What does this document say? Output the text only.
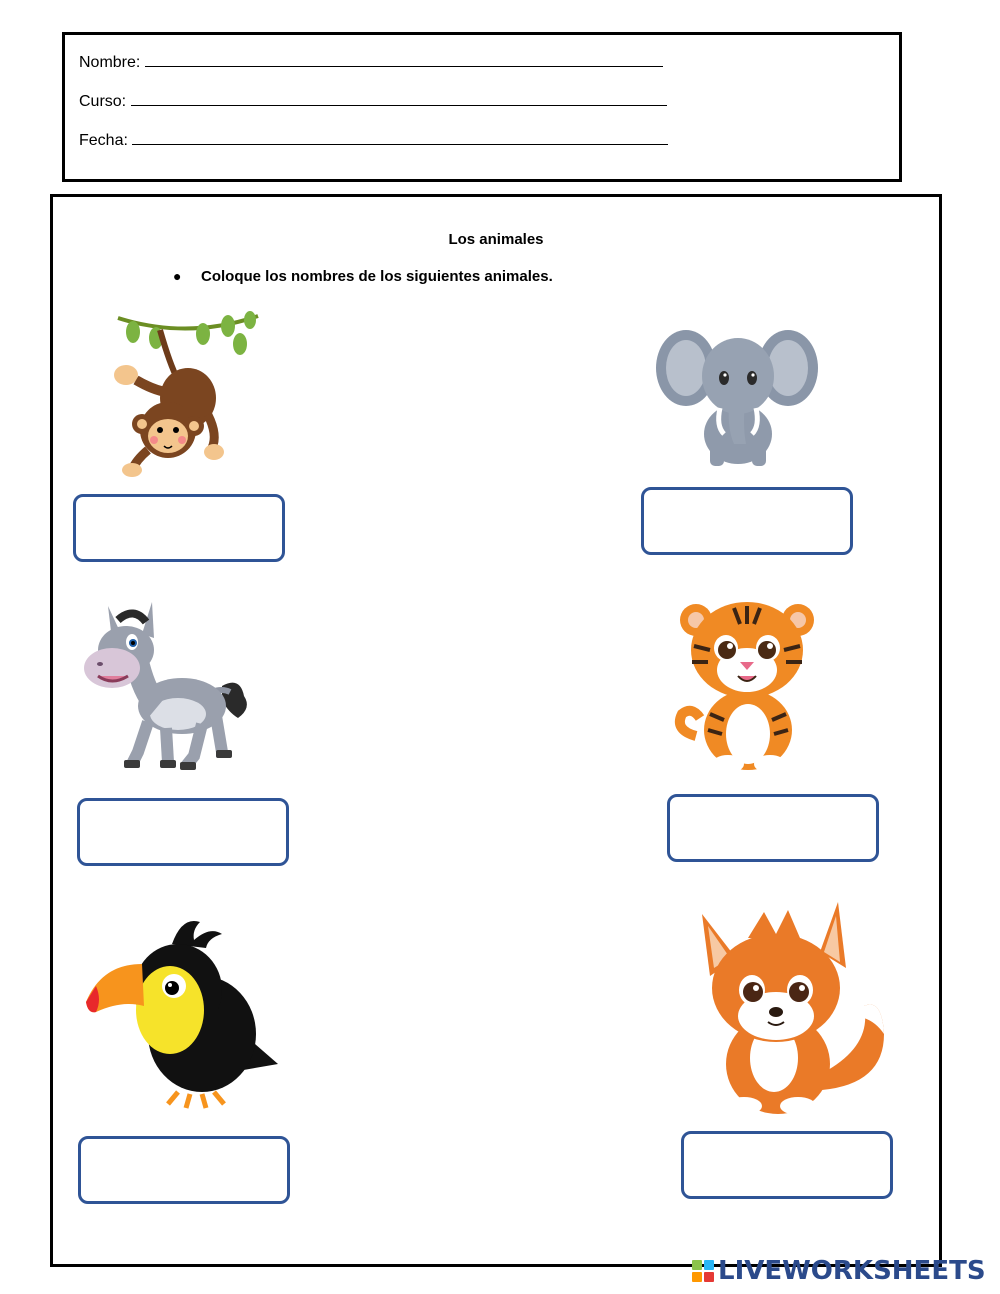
Nombre:
Curso:
Fecha:
Los animales
● Coloque los nombres de los siguientes animales.
LIVEWORKSHEETS
